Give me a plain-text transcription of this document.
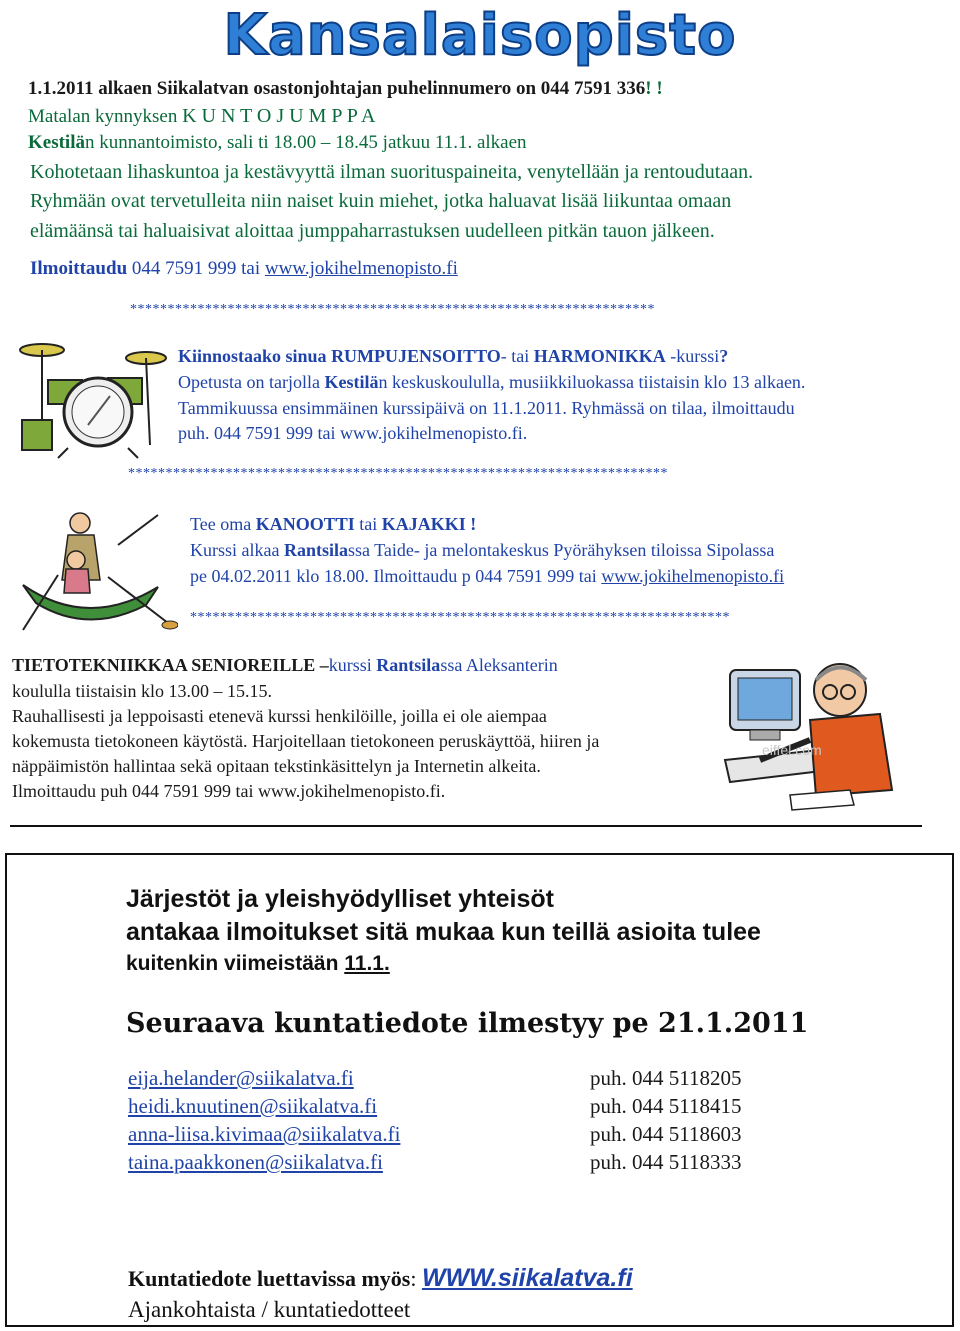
Kansalaisopisto
1.1.2011 alkaen Siikalatvan osastonjohtajan puhelinnumero on 044 7591 336! !
Matalan kynnyksen K U N T O J U M P P A
Kestilän kunnantoimisto, sali ti 18.00 – 18.45 jatkuu 11.1. alkaen
Kohotetaan lihaskuntoa ja kestävyyttä ilman suorituspaineita, venytellään ja rentoudutaan.
Ryhmään ovat tervetulleita niin naiset kuin miehet, jotka haluavat lisää liikuntaa omaan
elämäänsä tai haluaisivat aloittaa jumppaharrastuksen uudelleen pitkän tauon jälkeen.
Ilmoittaudu 044 7591 999 tai www.jokihelmenopisto.fi
**********************************************************************
Kiinnostaako sinua RUMPUJENSOITTO- tai HARMONIKKA -kurssi?
Opetusta on tarjolla Kestilän keskuskoululla, musiikkiluokassa tiistaisin klo 13 alkaen.
Tammikuussa ensimmäinen kurssipäivä on 11.1.2011. Ryhmässä on tilaa, ilmoittaudu
puh. 044 7591 999 tai www.jokihelmenopisto.fi.
************************************************************************
Tee oma KANOOTTI tai KAJAKKI !
Kurssi alkaa Rantsilassa Taide- ja melontakeskus Pyörähyksen tiloissa Sipolassa
pe 04.02.2011 klo 18.00. Ilmoittaudu p 044 7591 999 tai www.jokihelmenopisto.fi
************************************************************************
TIETOTEKNIIKKAA SENIOREILLE –kurssi Rantsilassa Aleksanterin
koululla tiistaisin klo 13.00 – 15.15.
Rauhallisesti ja leppoisasti etenevä kurssi henkilöille, joilla ei ole aiempaa
kokemusta tietokoneen käytöstä. Harjoitellaan tietokoneen peruskäyttöä, hiiren ja
näppäimistön hallintaa sekä opitaan tekstinkäsittelyn ja Internetin alkeita.
Ilmoittaudu puh 044 7591 999 tai www.jokihelmenopisto.fi.
eiffel.com
Järjestöt ja yleishyödylliset yhteisöt
antakaa ilmoitukset sitä mukaa kun teillä asioita tulee
kuitenkin viimeistään 11.1.
Seuraava kuntatiedote ilmestyy pe 21.1.2011
eija.helander@siikalatva.fi	puh. 044 5118205
heidi.knuutinen@siikalatva.fi	puh. 044 5118415
anna-liisa.kivimaa@siikalatva.fi	puh. 044 5118603
taina.paakkonen@siikalatva.fi	puh. 044 5118333
Kuntatiedote luettavissa myös: WWW.siikalatva.fi
Ajankohtaista / kuntatiedotteet
